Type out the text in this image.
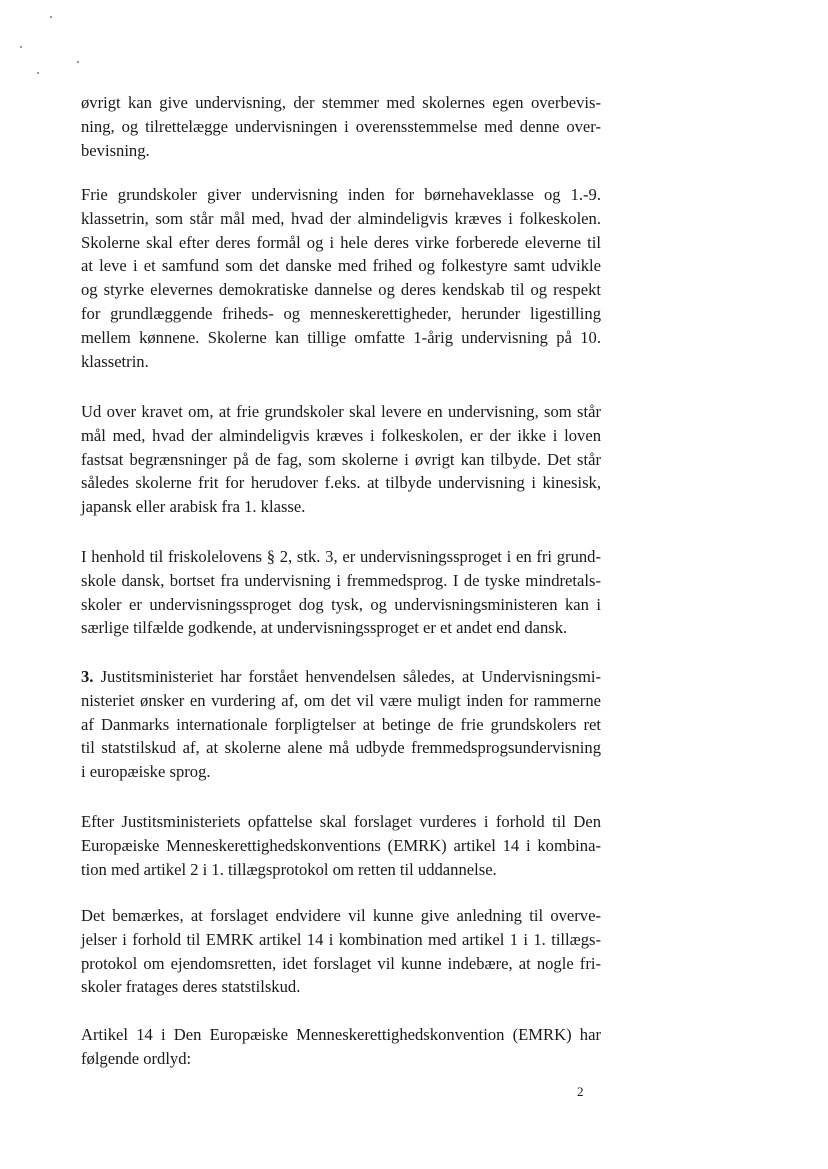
øvrigt kan give undervisning, der stemmer med skolernes egen overbevis-
ning, og tilrettelægge undervisningen i overensstemmelse med denne over-
bevisning.
Frie grundskoler giver undervisning inden for børnehaveklasse og 1.-9.
klassetrin, som står mål med, hvad der almindeligvis kræves i folkeskolen.
Skolerne skal efter deres formål og i hele deres virke forberede eleverne til
at leve i et samfund som det danske med frihed og folkestyre samt udvikle
og styrke elevernes demokratiske dannelse og deres kendskab til og respekt
for grundlæggende friheds- og menneskerettigheder, herunder ligestilling
mellem kønnene. Skolerne kan tillige omfatte 1-årig undervisning på 10.
klassetrin.
Ud over kravet om, at frie grundskoler skal levere en undervisning, som står
mål med, hvad der almindeligvis kræves i folkeskolen, er der ikke i loven
fastsat begrænsninger på de fag, som skolerne i øvrigt kan tilbyde. Det står
således skolerne frit for herudover f.eks. at tilbyde undervisning i kinesisk,
japansk eller arabisk fra 1. klasse.
I henhold til friskolelovens § 2, stk. 3, er undervisningssproget i en fri grund-
skole dansk, bortset fra undervisning i fremmedsprog. I de tyske mindretals-
skoler er undervisningssproget dog tysk, og undervisningsministeren kan i
særlige tilfælde godkende, at undervisningssproget er et andet end dansk.
3. Justitsministeriet har forstået henvendelsen således, at Undervisningsmi-
nisteriet ønsker en vurdering af, om det vil være muligt inden for rammerne
af Danmarks internationale forpligtelser at betinge de frie grundskolers ret
til statstilskud af, at skolerne alene må udbyde fremmedsprogsundervisning
i europæiske sprog.
Efter Justitsministeriets opfattelse skal forslaget vurderes i forhold til Den
Europæiske Menneskerettighedskonventions (EMRK) artikel 14 i kombina-
tion med artikel 2 i 1. tillægsprotokol om retten til uddannelse.
Det bemærkes, at forslaget endvidere vil kunne give anledning til overve-
jelser i forhold til EMRK artikel 14 i kombination med artikel 1 i 1. tillægs-
protokol om ejendomsretten, idet forslaget vil kunne indebære, at nogle fri-
skoler fratages deres statstilskud.
Artikel 14 i Den Europæiske Menneskerettighedskonvention (EMRK) har
følgende ordlyd:
2
